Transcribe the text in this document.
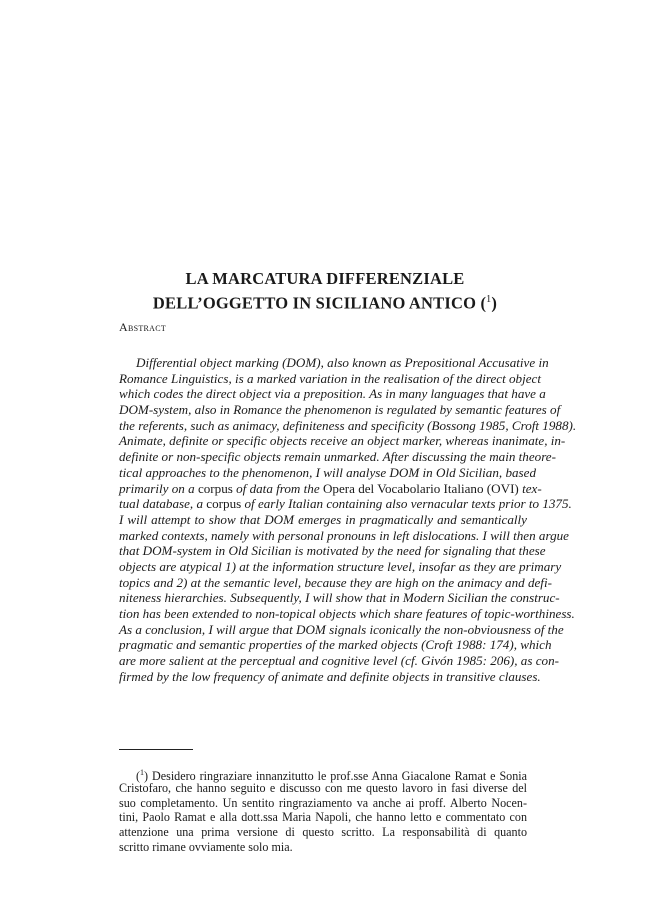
LA MARCATURA DIFFERENZIALE
DELL’OGGETTO IN SICILIANO ANTICO ($^1$)
Abstract
Differential object marking (DOM), also known as Prepositional Accusative in
Romance Linguistics, is a marked variation in the realisation of the direct object
which codes the direct object via a preposition. As in many languages that have a
DOM-system, also in Romance the phenomenon is regulated by semantic features of
the referents, such as animacy, definiteness and specificity (Bossong 1985, Croft 1988).
Animate, definite or specific objects receive an object marker, whereas inanimate, in-
definite or non-specific objects remain unmarked. After discussing the main theore-
tical approaches to the phenomenon, I will analyse DOM in Old Sicilian, based
primarily on a corpus of data from the Opera del Vocabolario Italiano (OVI) tex-
tual database, a corpus of early Italian containing also vernacular texts prior to 1375.
I will attempt to show that DOM emerges in pragmatically and semantically
marked contexts, namely with personal pronouns in left dislocations. I will then argue
that DOM-system in Old Sicilian is motivated by the need for signaling that these
objects are atypical 1) at the information structure level, insofar as they are primary
topics and 2) at the semantic level, because they are high on the animacy and defi-
niteness hierarchies. Subsequently, I will show that in Modern Sicilian the construc-
tion has been extended to non-topical objects which share features of topic-worthiness.
As a conclusion, I will argue that DOM signals iconically the non-obviousness of the
pragmatic and semantic properties of the marked objects (Croft 1988: 174), which
are more salient at the perceptual and cognitive level (cf. Givón 1985: 206), as con-
firmed by the low frequency of animate and definite objects in transitive clauses.
($^1$) Desidero ringraziare innanzitutto le prof.sse Anna Giacalone Ramat e Sonia
Cristofaro, che hanno seguito e discusso con me questo lavoro in fasi diverse del
suo completamento. Un sentito ringraziamento va anche ai proff. Alberto Nocen-
tini, Paolo Ramat e alla dott.ssa Maria Napoli, che hanno letto e commentato con
attenzione una prima versione di questo scritto. La responsabilità di quanto
scritto rimane ovviamente solo mia.
